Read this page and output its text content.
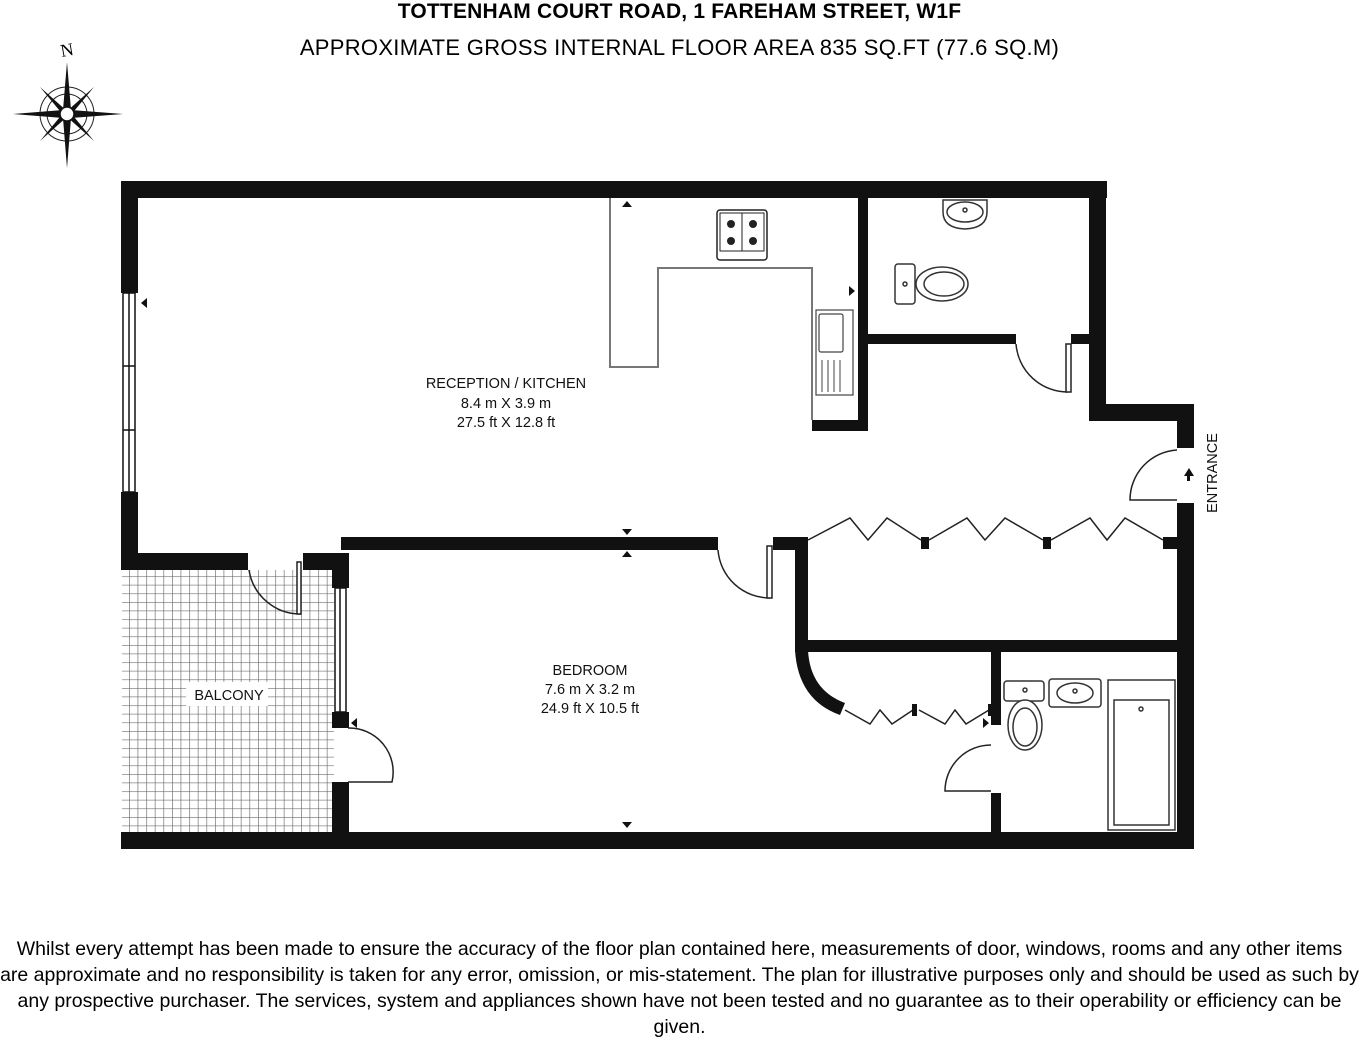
TOTTENHAM COURT ROAD, 1 FAREHAM STREET, W1F
APPROXIMATE GROSS INTERNAL FLOOR AREA 835 SQ.FT (77.6 SQ.M)
N
RECEPTION / KITCHEN
8.4 m X 3.9 m
27.5 ft X 12.8 ft
BEDROOM
7.6 m X 3.2 m
24.9 ft X 10.5 ft
BALCONY
ENTRANCE
Whilst every attempt has been made to ensure the accuracy of the floor plan contained here, measurements of door, windows, rooms and any other items are approximate and no responsibility is taken for any error, omission, or mis-statement. The plan for illustrative purposes only and should be used as such by any prospective purchaser. The services, system and appliances shown have not been tested and no guarantee as to their operability or efficiency can be given.
